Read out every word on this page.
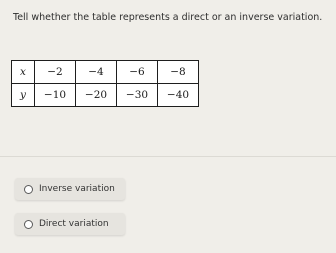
Tell whether the table represents a direct or an inverse variation.
x	−2	−4	−6	−8
y	−10	−20	−30	−40
Inverse variation
Direct variation
